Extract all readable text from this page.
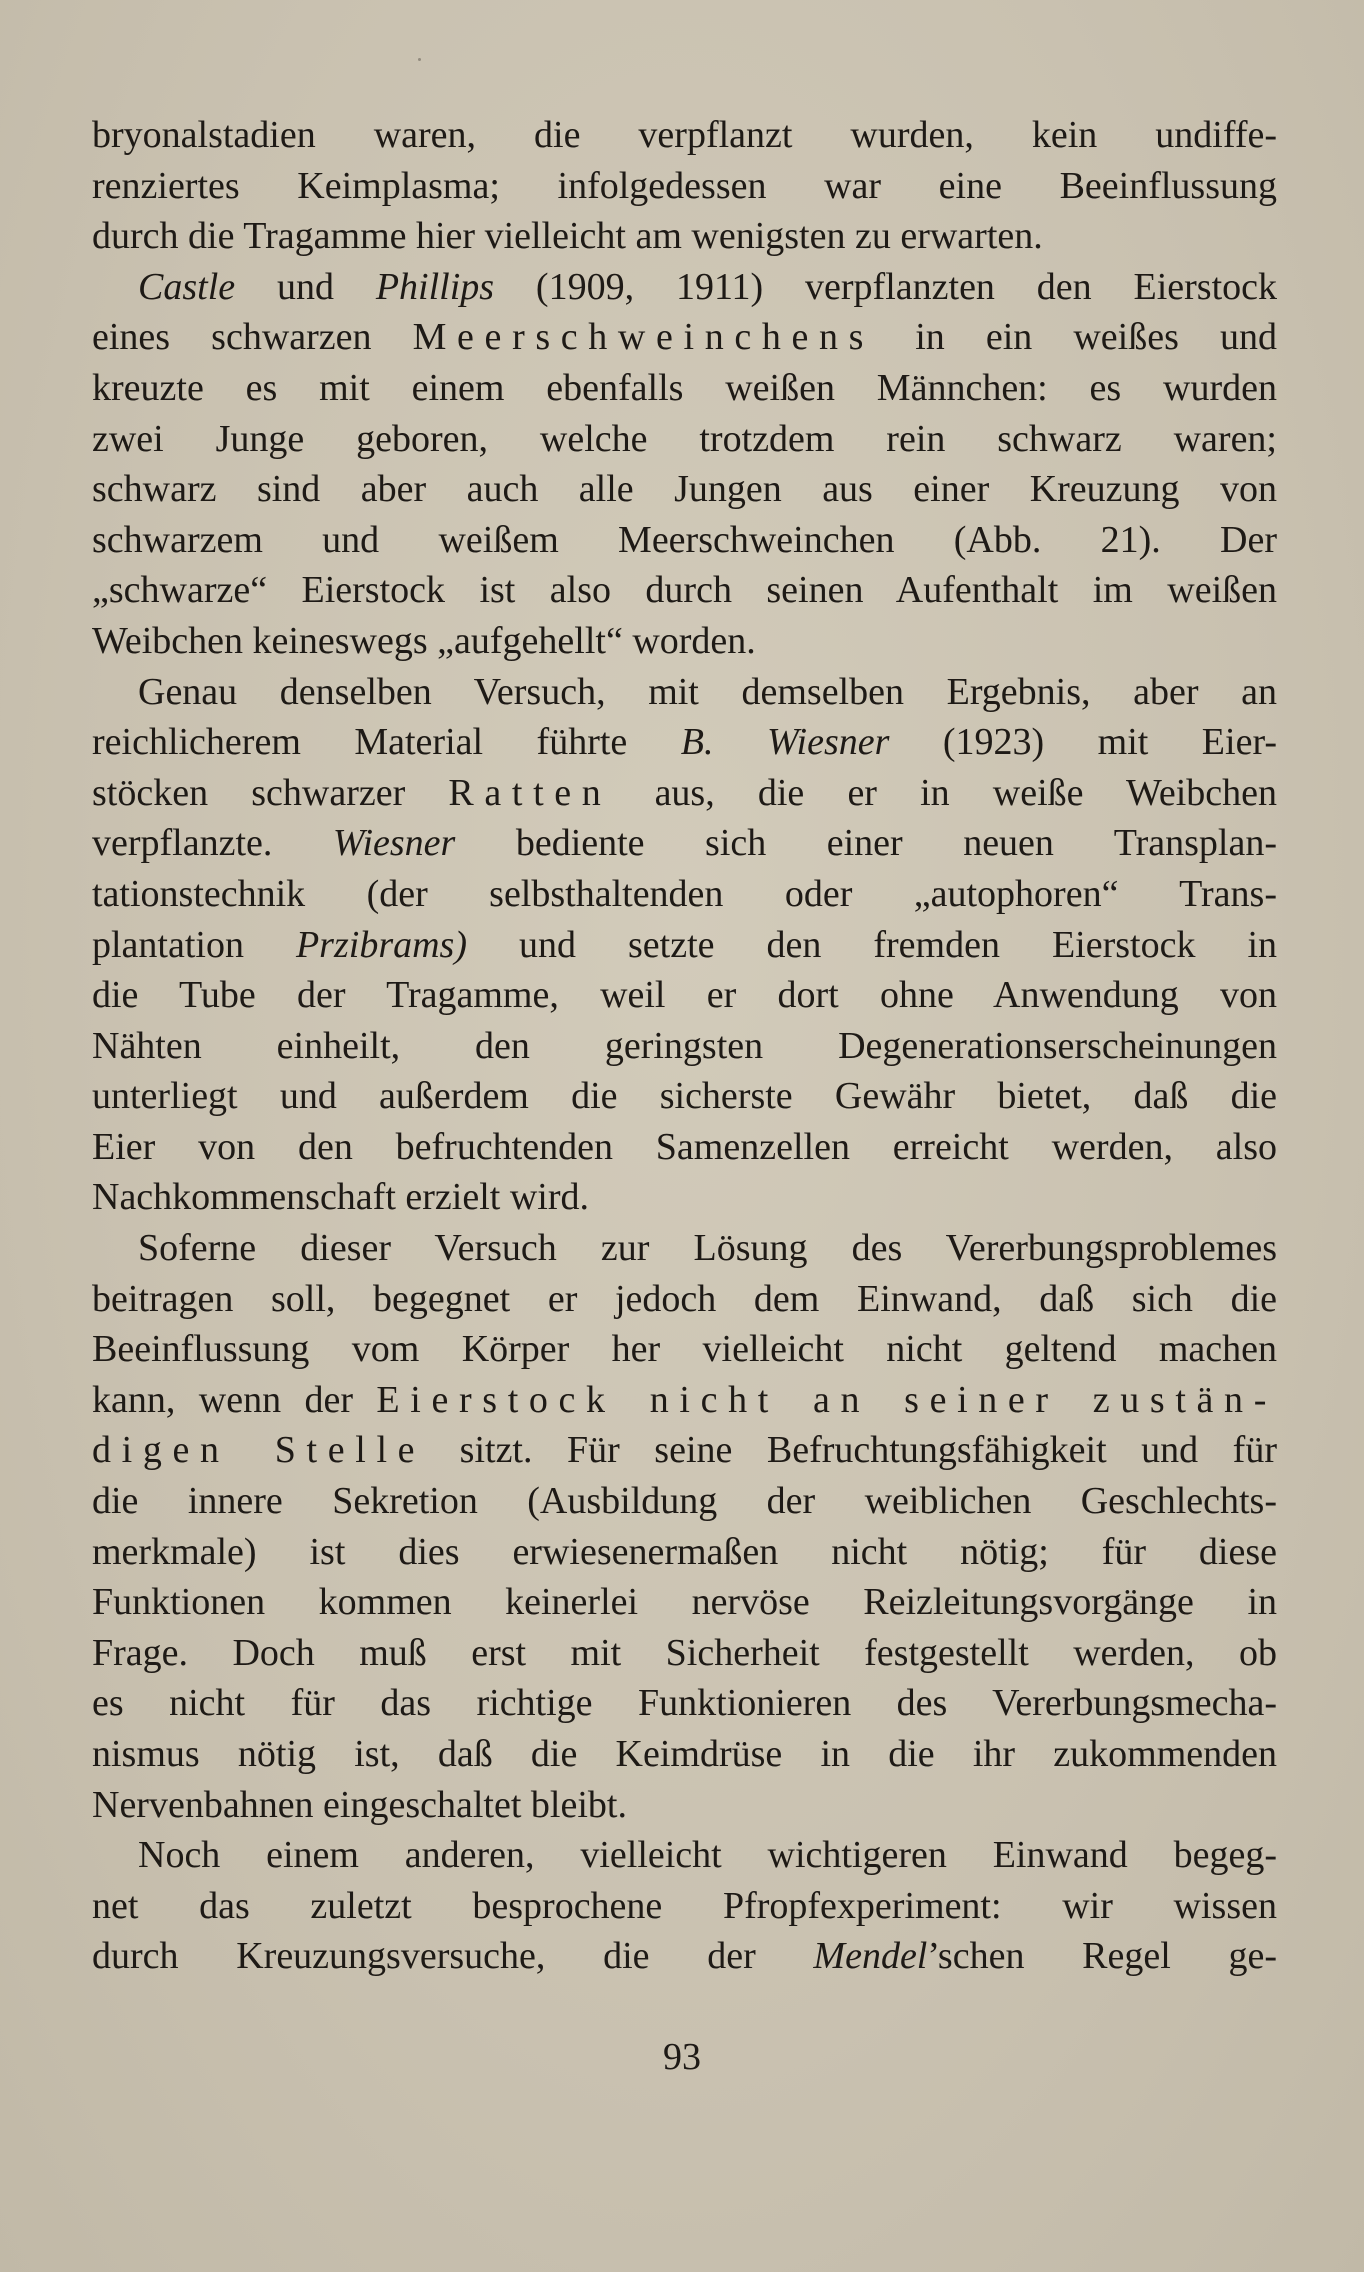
bryonalstadien waren, die verpflanzt wurden, kein undiffe-
renziertes Keimplasma; infolgedessen war eine Beeinflussung
durch die Tragamme hier vielleicht am wenigsten zu erwarten.
Castle und Phillips (1909, 1911) verpflanzten den Eierstock
eines schwarzen Meerschweinchens in ein weißes und
kreuzte es mit einem ebenfalls weißen Männchen: es wurden
zwei Junge geboren, welche trotzdem rein schwarz waren;
schwarz sind aber auch alle Jungen aus einer Kreuzung von
schwarzem und weißem Meerschweinchen (Abb. 21). Der
„schwarze“ Eierstock ist also durch seinen Aufenthalt im weißen
Weibchen keineswegs „aufgehellt“ worden.
Genau denselben Versuch, mit demselben Ergebnis, aber an
reichlicherem Material führte B. Wiesner (1923) mit Eier-
stöcken schwarzer Ratten aus, die er in weiße Weibchen
verpflanzte. Wiesner bediente sich einer neuen Transplan-
tationstechnik (der selbsthaltenden oder „autophoren“ Trans-
plantation Przibrams) und setzte den fremden Eierstock in
die Tube der Tragamme, weil er dort ohne Anwendung von
Nähten einheilt, den geringsten Degenerationserscheinungen
unterliegt und außerdem die sicherste Gewähr bietet, daß die
Eier von den befruchtenden Samenzellen erreicht werden, also
Nachkommenschaft erzielt wird.
Soferne dieser Versuch zur Lösung des Vererbungsproblemes
beitragen soll, begegnet er jedoch dem Einwand, daß sich die
Beeinflussung vom Körper her vielleicht nicht geltend machen
kann, wenn der Eierstock nicht an seiner zustän-
digen Stelle sitzt. Für seine Befruchtungsfähigkeit und für
die innere Sekretion (Ausbildung der weiblichen Geschlechts-
merkmale) ist dies erwiesenermaßen nicht nötig; für diese
Funktionen kommen keinerlei nervöse Reizleitungsvorgänge in
Frage. Doch muß erst mit Sicherheit festgestellt werden, ob
es nicht für das richtige Funktionieren des Vererbungsmecha-
nismus nötig ist, daß die Keimdrüse in die ihr zukommenden
Nervenbahnen eingeschaltet bleibt.
Noch einem anderen, vielleicht wichtigeren Einwand begeg-
net das zuletzt besprochene Pfropfexperiment: wir wissen
durch Kreuzungsversuche, die der Mendel’schen Regel ge-
93
